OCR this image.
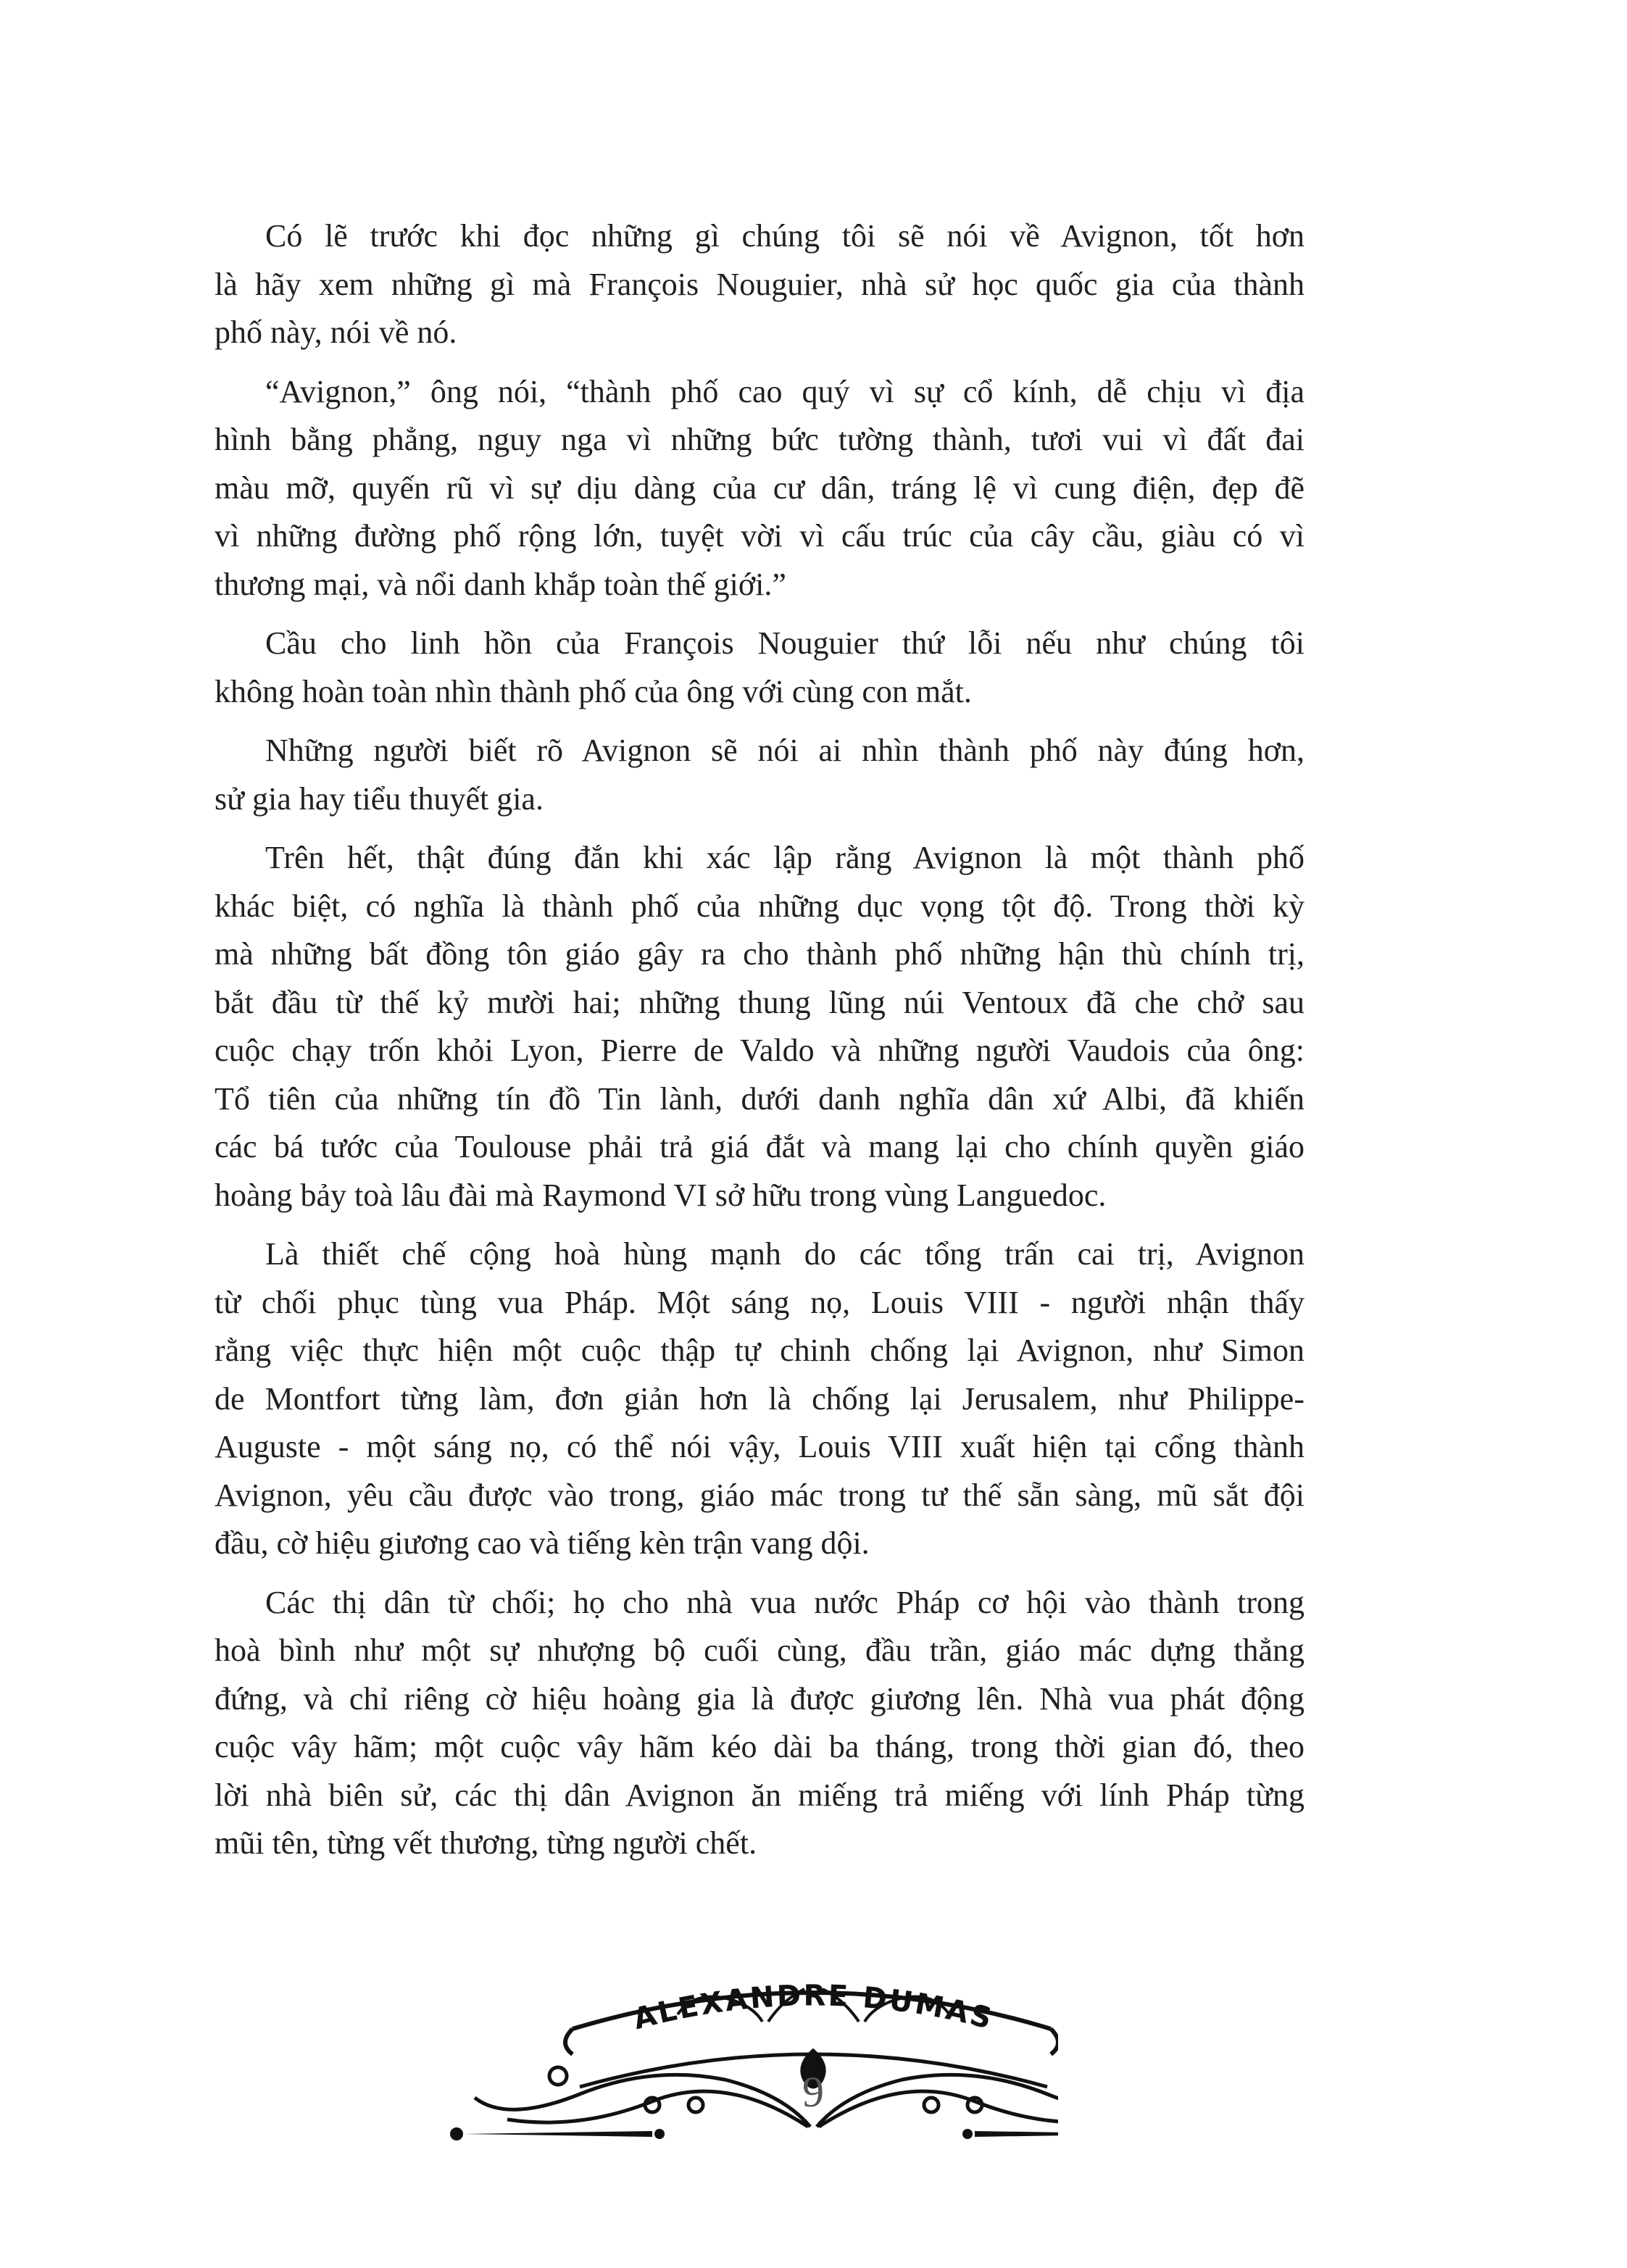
Có lẽ trước khi đọc những gì chúng tôi sẽ nói về Avignon, tốt hơn
là hãy xem những gì mà François Nouguier, nhà sử học quốc gia của thành
phố này, nói về nó.
“Avignon,” ông nói, “thành phố cao quý vì sự cổ kính, dễ chịu vì địa
hình bằng phẳng, nguy nga vì những bức tường thành, tươi vui vì đất đai
màu mỡ, quyến rũ vì sự dịu dàng của cư dân, tráng lệ vì cung điện, đẹp đẽ
vì những đường phố rộng lớn, tuyệt vời vì cấu trúc của cây cầu, giàu có vì
thương mại, và nổi danh khắp toàn thế giới.”
Cầu cho linh hồn của François Nouguier thứ lỗi nếu như chúng tôi
không hoàn toàn nhìn thành phố của ông với cùng con mắt.
Những người biết rõ Avignon sẽ nói ai nhìn thành phố này đúng hơn,
sử gia hay tiểu thuyết gia.
Trên hết, thật đúng đắn khi xác lập rằng Avignon là một thành phố
khác biệt, có nghĩa là thành phố của những dục vọng tột độ. Trong thời kỳ
mà những bất đồng tôn giáo gây ra cho thành phố những hận thù chính trị,
bắt đầu từ thế kỷ mười hai; những thung lũng núi Ventoux đã che chở sau
cuộc chạy trốn khỏi Lyon, Pierre de Valdo và những người Vaudois của ông:
Tổ tiên của những tín đồ Tin lành, dưới danh nghĩa dân xứ Albi, đã khiến
các bá tước của Toulouse phải trả giá đắt và mang lại cho chính quyền giáo
hoàng bảy toà lâu đài mà Raymond VI sở hữu trong vùng Languedoc.
Là thiết chế cộng hoà hùng mạnh do các tổng trấn cai trị, Avignon
từ chối phục tùng vua Pháp. Một sáng nọ, Louis VIII - người nhận thấy
rằng việc thực hiện một cuộc thập tự chinh chống lại Avignon, như Simon
de Montfort từng làm, đơn giản hơn là chống lại Jerusalem, như Philippe-
Auguste - một sáng nọ, có thể nói vậy, Louis VIII xuất hiện tại cổng thành
Avignon, yêu cầu được vào trong, giáo mác trong tư thế sẵn sàng, mũ sắt đội
đầu, cờ hiệu giương cao và tiếng kèn trận vang dội.
Các thị dân từ chối; họ cho nhà vua nước Pháp cơ hội vào thành trong
hoà bình như một sự nhượng bộ cuối cùng, đầu trần, giáo mác dựng thẳng
đứng, và chỉ riêng cờ hiệu hoàng gia là được giương lên. Nhà vua phát động
cuộc vây hãm; một cuộc vây hãm kéo dài ba tháng, trong thời gian đó, theo
lời nhà biên sử, các thị dân Avignon ăn miếng trả miếng với lính Pháp từng
mũi tên, từng vết thương, từng người chết.
ALEXANDRE DUMAS
9
